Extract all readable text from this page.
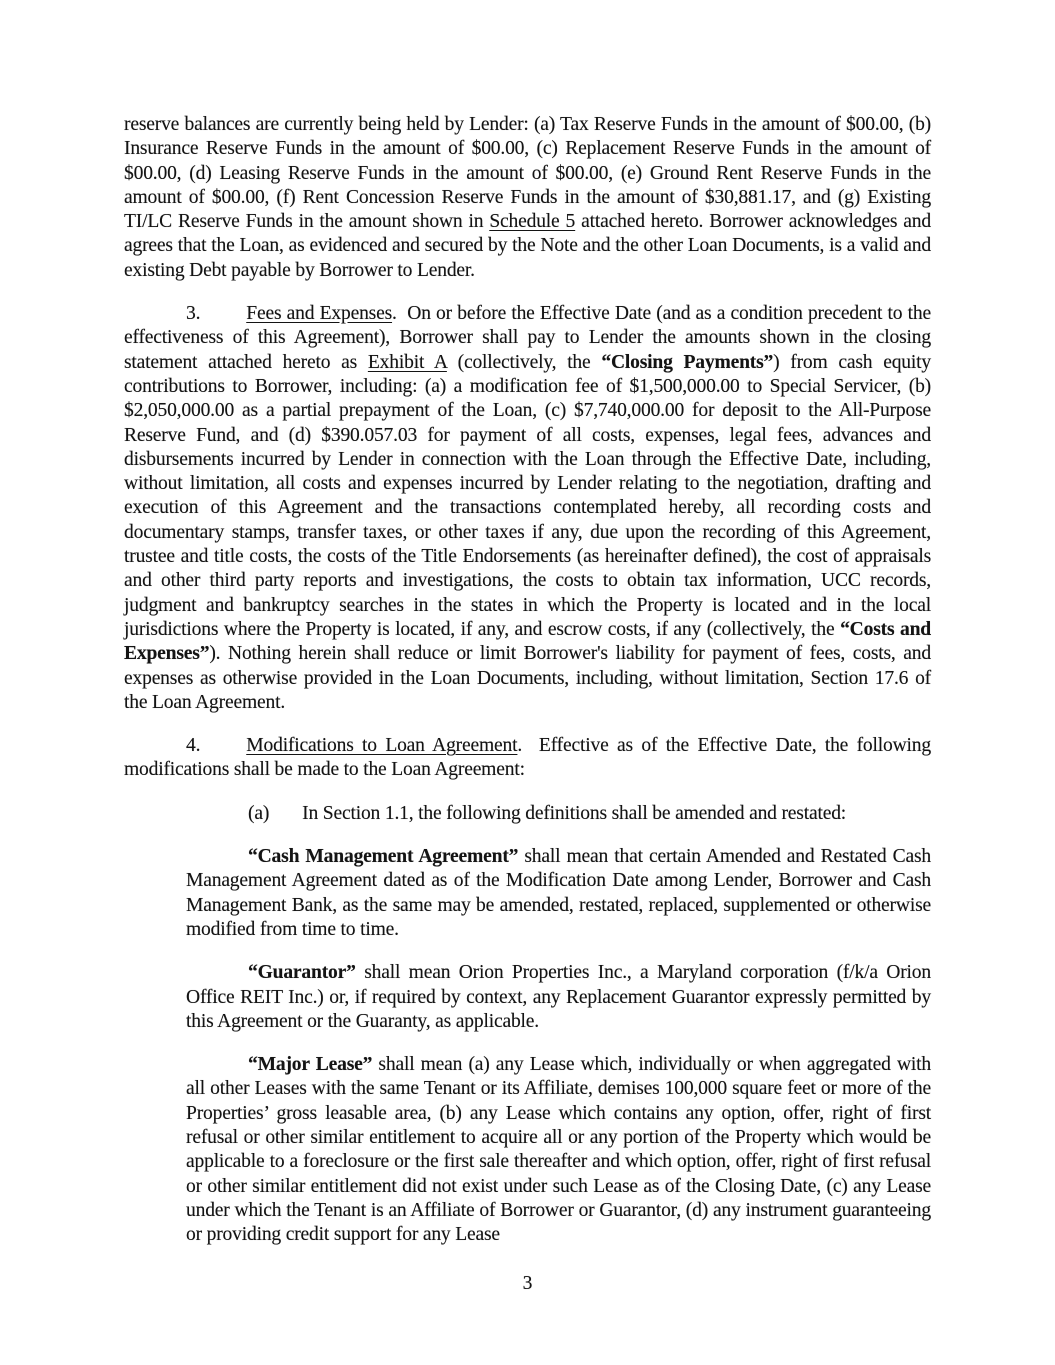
reserve balances are currently being held by Lender: (a) Tax Reserve Funds in the amount of $00.00, (b) Insurance Reserve Funds in the amount of $00.00, (c) Replacement Reserve Funds in the amount of $00.00, (d) Leasing Reserve Funds in the amount of $00.00, (e) Ground Rent Reserve Funds in the amount of $00.00, (f) Rent Concession Reserve Funds in the amount of $30,881.17, and (g) Existing TI/LC Reserve Funds in the amount shown in Schedule 5 attached hereto. Borrower acknowledges and agrees that the Loan, as evidenced and secured by the Note and the other Loan Documents, is a valid and existing Debt payable by Borrower to Lender.

3. Fees and Expenses.  On or before the Effective Date (and as a condition precedent to the effectiveness of this Agreement), Borrower shall pay to Lender the amounts shown in the closing statement attached hereto as Exhibit A (collectively, the “Closing Payments”) from cash equity contributions to Borrower, including: (a) a modification fee of $1,500,000.00 to Special Servicer, (b) $2,050,000.00 as a partial prepayment of the Loan, (c) $7,740,000.00 for deposit to the All-Purpose Reserve Fund, and (d) $390.057.03 for payment of all costs, expenses, legal fees, advances and disbursements incurred by Lender in connection with the Loan through the Effective Date, including, without limitation, all costs and expenses incurred by Lender relating to the negotiation, drafting and execution of this Agreement and the transactions contemplated hereby, all recording costs and documentary stamps, transfer taxes, or other taxes if any, due upon the recording of this Agreement, trustee and title costs, the costs of the Title Endorsements (as hereinafter defined), the cost of appraisals and other third party reports and investigations, the costs to obtain tax information, UCC records, judgment and bankruptcy searches in the states in which the Property is located and in the local jurisdictions where the Property is located, if any, and escrow costs, if any (collectively, the “Costs and Expenses”). Nothing herein shall reduce or limit Borrower's liability for payment of fees, costs, and expenses as otherwise provided in the Loan Documents, including, without limitation, Section 17.6 of the Loan Agreement.

4. Modifications to Loan Agreement.  Effective as of the Effective Date, the following modifications shall be made to the Loan Agreement:

(a) In Section 1.1, the following definitions shall be amended and restated:

“Cash Management Agreement” shall mean that certain Amended and Restated Cash Management Agreement dated as of the Modification Date among Lender, Borrower and Cash Management Bank, as the same may be amended, restated, replaced, supplemented or otherwise modified from time to time.

“Guarantor” shall mean Orion Properties Inc., a Maryland corporation (f/k/a Orion Office REIT Inc.) or, if required by context, any Replacement Guarantor expressly permitted by this Agreement or the Guaranty, as applicable.

“Major Lease” shall mean (a) any Lease which, individually or when aggregated with all other Leases with the same Tenant or its Affiliate, demises 100,000 square feet or more of the Properties’ gross leasable area, (b) any Lease which contains any option, offer, right of first refusal or other similar entitlement to acquire all or any portion of the Property which would be applicable to a foreclosure or the first sale thereafter and which option, offer, right of first refusal or other similar entitlement did not exist under such Lease as of the Closing Date, (c) any Lease under which the Tenant is an Affiliate of Borrower or Guarantor, (d) any instrument guaranteeing or providing credit support for any Lease

3
